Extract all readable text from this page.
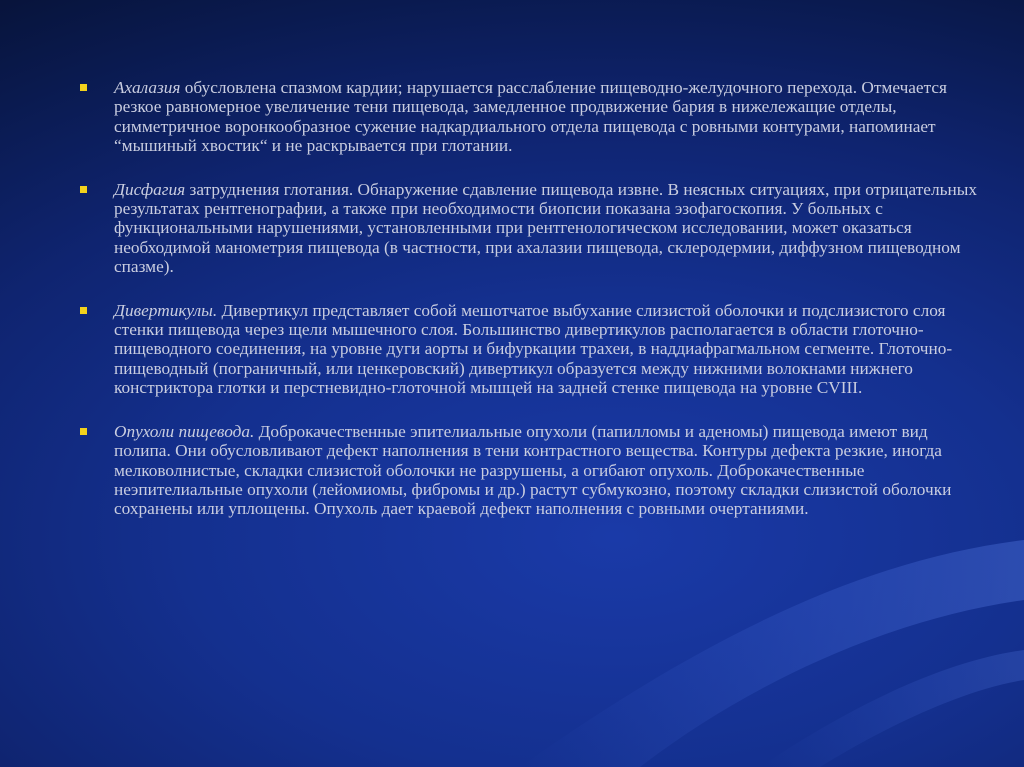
Ахалазия обусловлена спазмом кардии; нарушается расслабление пищеводно-желудочного перехода. Отмечается резкое равномерное увеличение тени пищевода, замедленное продвижение бария в нижележащие отделы, симметричное воронкообразное сужение надкардиального отдела пищевода с ровными контурами, напоминает “мышиный хвостик“ и не раскрывается при глотании.

Дисфагия затруднения глотания. Обнаружение сдавление пищевода извне. В неясных ситуациях, при отрицательных результатах рентгенографии, а также при необходимости биопсии показана эзофагоскопия. У больных с функциональными нарушениями, установленными при рентгенологическом исследовании, может оказаться необходимой манометрия пищевода (в частности, при ахалазии пищевода, склеродермии, диффузном пищеводном спазме).

Дивертикулы. Дивертикул представляет собой мешотчатое выбухание слизистой оболочки и подслизистого слоя стенки пищевода через щели мышечного слоя. Большинство дивертикулов располагается в области глоточно-пищеводного соединения, на уровне дуги аорты и бифуркации трахеи, в наддиафрагмальном сегменте. Глоточно-пищеводный (пограничный, или ценкеровский) дивертикул образуется между нижними волокнами нижнего констриктора глотки и перстневидно-глоточной мышцей на задней стенке пищевода на уровне CVIII.

Опухоли пищевода. Доброкачественные эпителиальные опухоли (папилломы и аденомы) пищевода имеют вид полипа. Они обусловливают дефект наполнения в тени контрастного вещества. Контуры дефекта резкие, иногда мелковолнистые, складки слизистой оболочки не разрушены, а огибают опухоль. Доброкачественные неэпителиальные опухоли (лейомиомы, фибромы и др.) растут субмукозно, поэтому складки слизистой оболочки сохранены или уплощены. Опухоль дает краевой дефект наполнения с ровными очертаниями.
